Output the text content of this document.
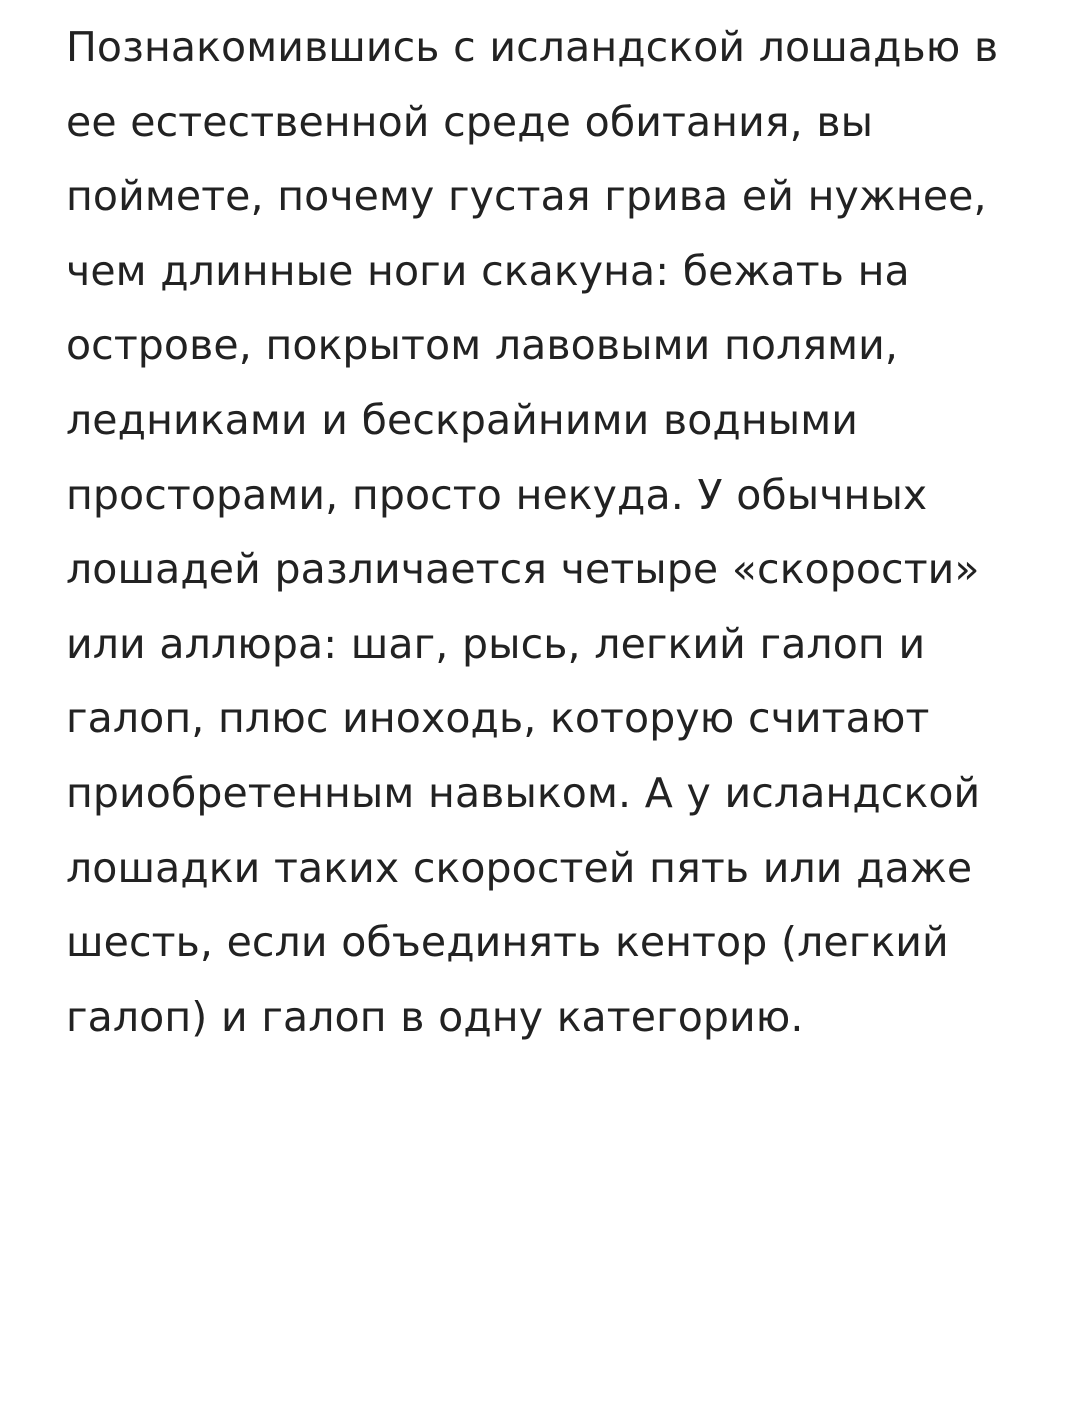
Познакомившись с исландской лошадью в ее естественной среде обитания, вы поймете, почему густая грива ей нужнее, чем длинные ноги скакуна: бежать на острове, покрытом лавовыми полями, ледниками и бескрайними водными просторами, просто некуда. У обычных лошадей различается четыре «скорости» или аллюра: шаг, рысь, легкий галоп и галоп, плюс иноходь, которую считают приобретенным навыком. А у исландской лошадки таких скоростей пять или даже шесть, если объединять кентор (легкий галоп) и галоп в одну категорию.
